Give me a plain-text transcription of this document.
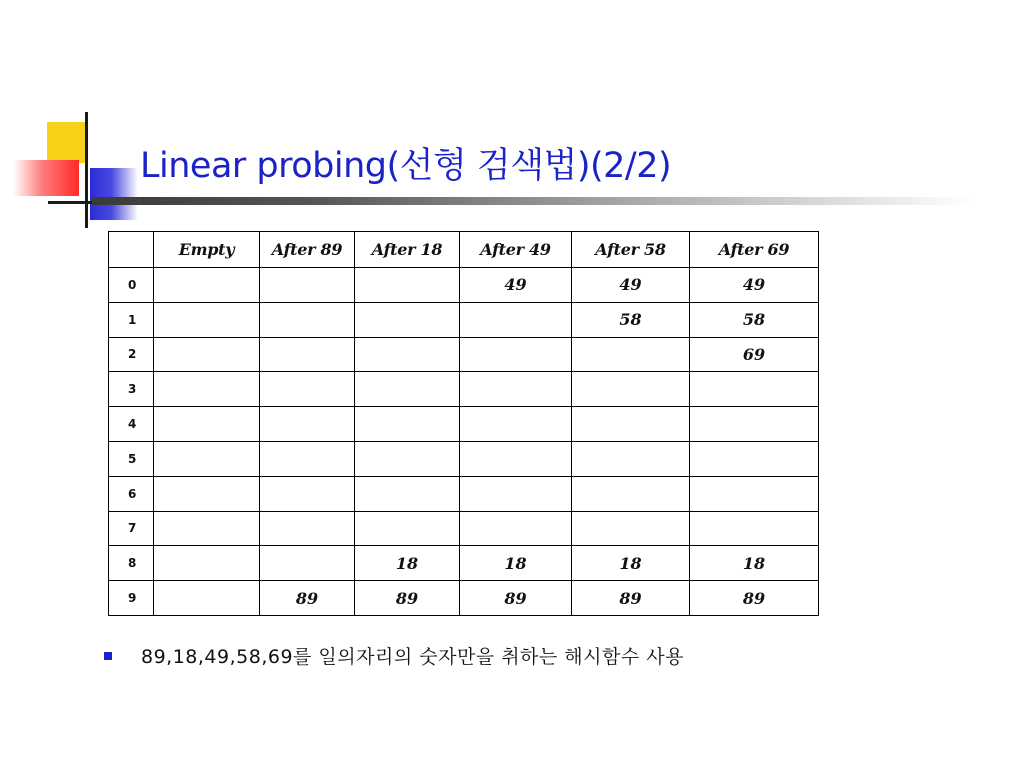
Linear probing(선형 검색법)(2/2)
	Empty	After 89	After 18	After 49	After 58	After 69
0				49	49	49
1					58	58
2						69
3						
4						
5						
6						
7						
8			18	18	18	18
9		89	89	89	89	89
89,18,49,58,69를 일의자리의 숫자만을 취하는 해시함수 사용
